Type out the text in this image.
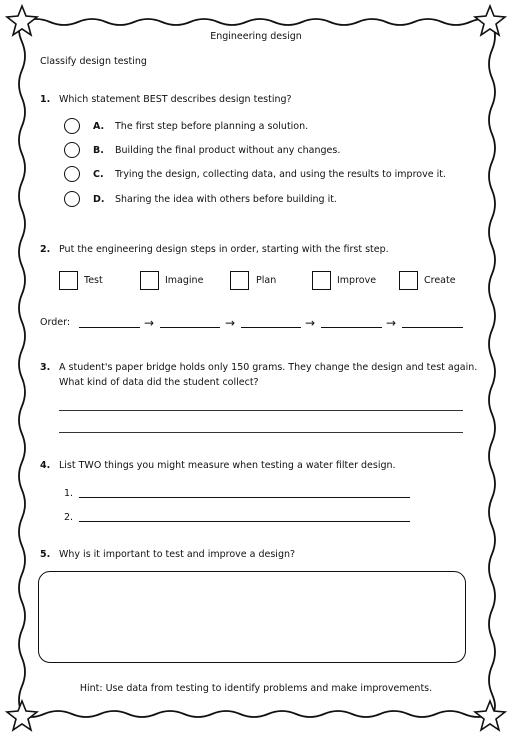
Engineering design
Classify design testing
1. Which statement BEST describes design testing?
A. The first step before planning a solution.
B. Building the final product without any changes.
C. Trying the design, collecting data, and using the results to improve it.
D. Sharing the idea with others before building it.
2. Put the engineering design steps in order, starting with the first step.
Test	Imagine	Plan	Improve	Create
Order:	→	→	→	→
3. A student's paper bridge holds only 150 grams. They change the design and test again.
What kind of data did the student collect?
4. List TWO things you might measure when testing a water filter design.
1.
2.
5. Why is it important to test and improve a design?
Hint: Use data from testing to identify problems and make improvements.
